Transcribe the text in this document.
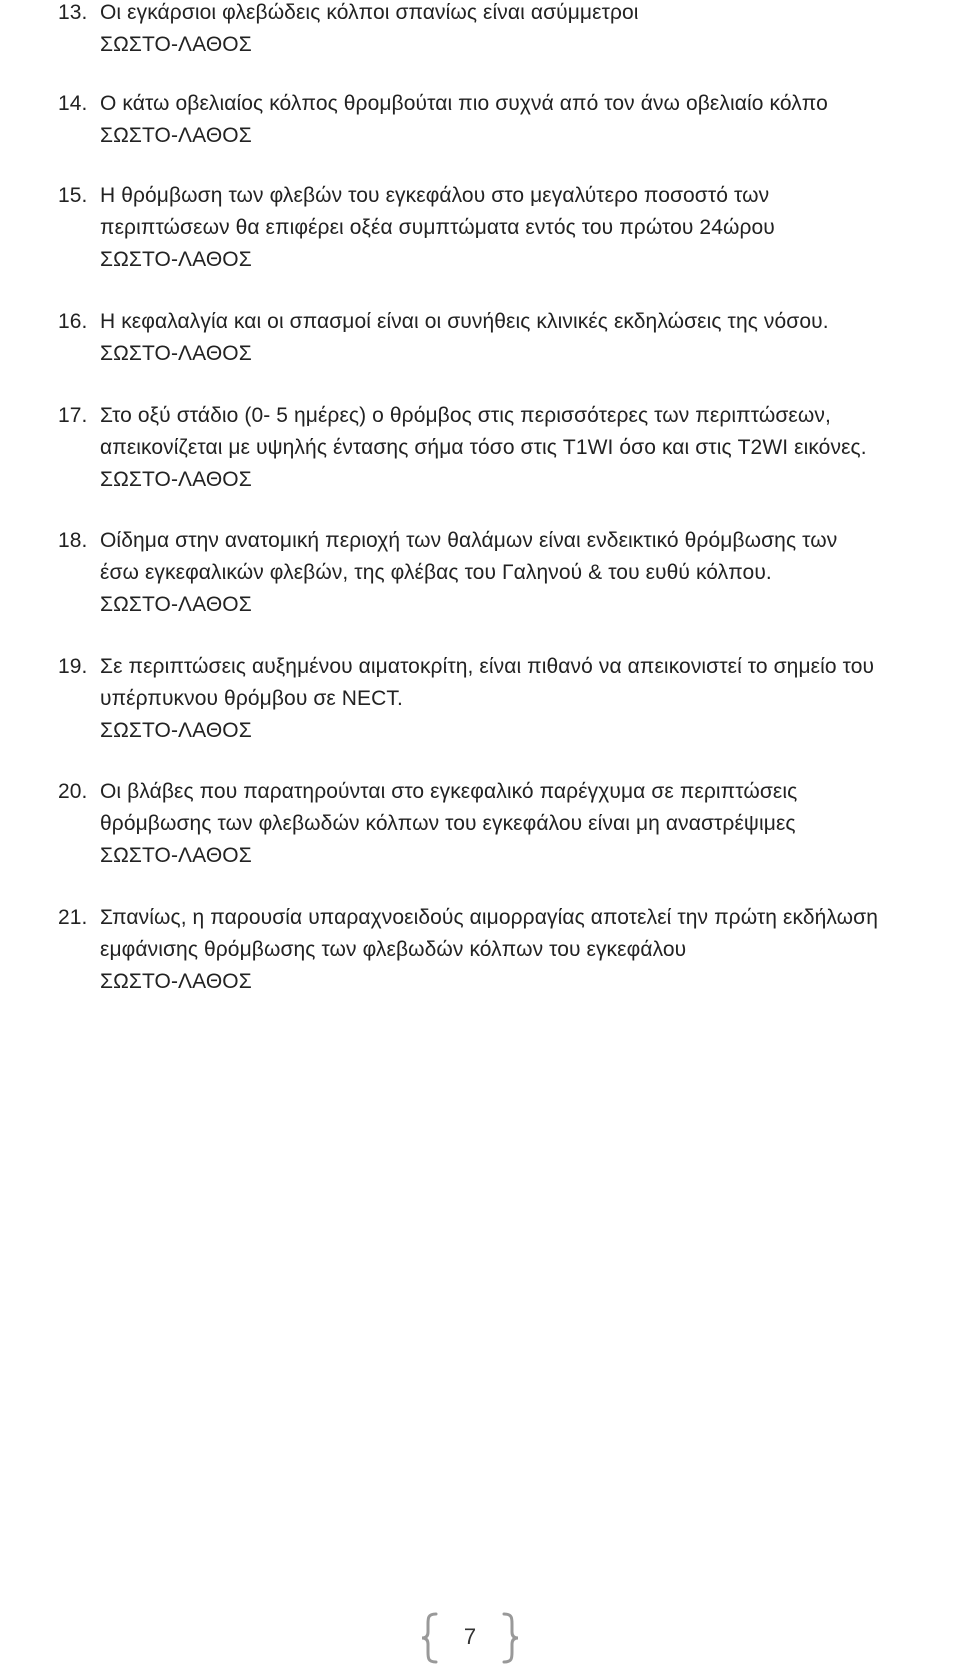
13. Οι εγκάρσιοι φλεβώδεις κόλποι σπανίως είναι ασύμμετροι
ΣΩΣΤΟ-ΛΑΘΟΣ
14. Ο κάτω οβελιαίος κόλπος θρομβούται πιο συχνά από τον άνω οβελιαίο κόλπο
ΣΩΣΤΟ-ΛΑΘΟΣ
15. Η θρόμβωση των φλεβών του εγκεφάλου στο μεγαλύτερο ποσοστό των
περιπτώσεων θα επιφέρει οξέα συμπτώματα εντός του πρώτου 24ώρου
ΣΩΣΤΟ-ΛΑΘΟΣ
16. Η κεφαλαλγία και οι σπασμοί είναι οι συνήθεις κλινικές εκδηλώσεις της νόσου.
ΣΩΣΤΟ-ΛΑΘΟΣ
17. Στο οξύ στάδιο (0- 5 ημέρες) ο θρόμβος στις περισσότερες των περιπτώσεων,
απεικονίζεται με υψηλής έντασης σήμα τόσο στις T1WI όσο και στις T2WI εικόνες.
ΣΩΣΤΟ-ΛΑΘΟΣ
18. Οίδημα στην ανατομική περιοχή των θαλάμων είναι ενδεικτικό θρόμβωσης των
έσω εγκεφαλικών φλεβών, της φλέβας του Γαληνού & του ευθύ κόλπου.
ΣΩΣΤΟ-ΛΑΘΟΣ
19. Σε περιπτώσεις αυξημένου αιματοκρίτη, είναι πιθανό να απεικονιστεί το σημείο του
υπέρπυκνου θρόμβου σε NECT.
ΣΩΣΤΟ-ΛΑΘΟΣ
20. Οι βλάβες που παρατηρούνται στο εγκεφαλικό παρέγχυμα σε περιπτώσεις
θρόμβωσης των φλεβωδών κόλπων του εγκεφάλου είναι μη αναστρέψιμες
ΣΩΣΤΟ-ΛΑΘΟΣ
21. Σπανίως, η παρουσία υπαραχνοειδούς αιμορραγίας αποτελεί την πρώτη εκδήλωση
εμφάνισης θρόμβωσης των φλεβωδών κόλπων του εγκεφάλου
ΣΩΣΤΟ-ΛΑΘΟΣ
7
